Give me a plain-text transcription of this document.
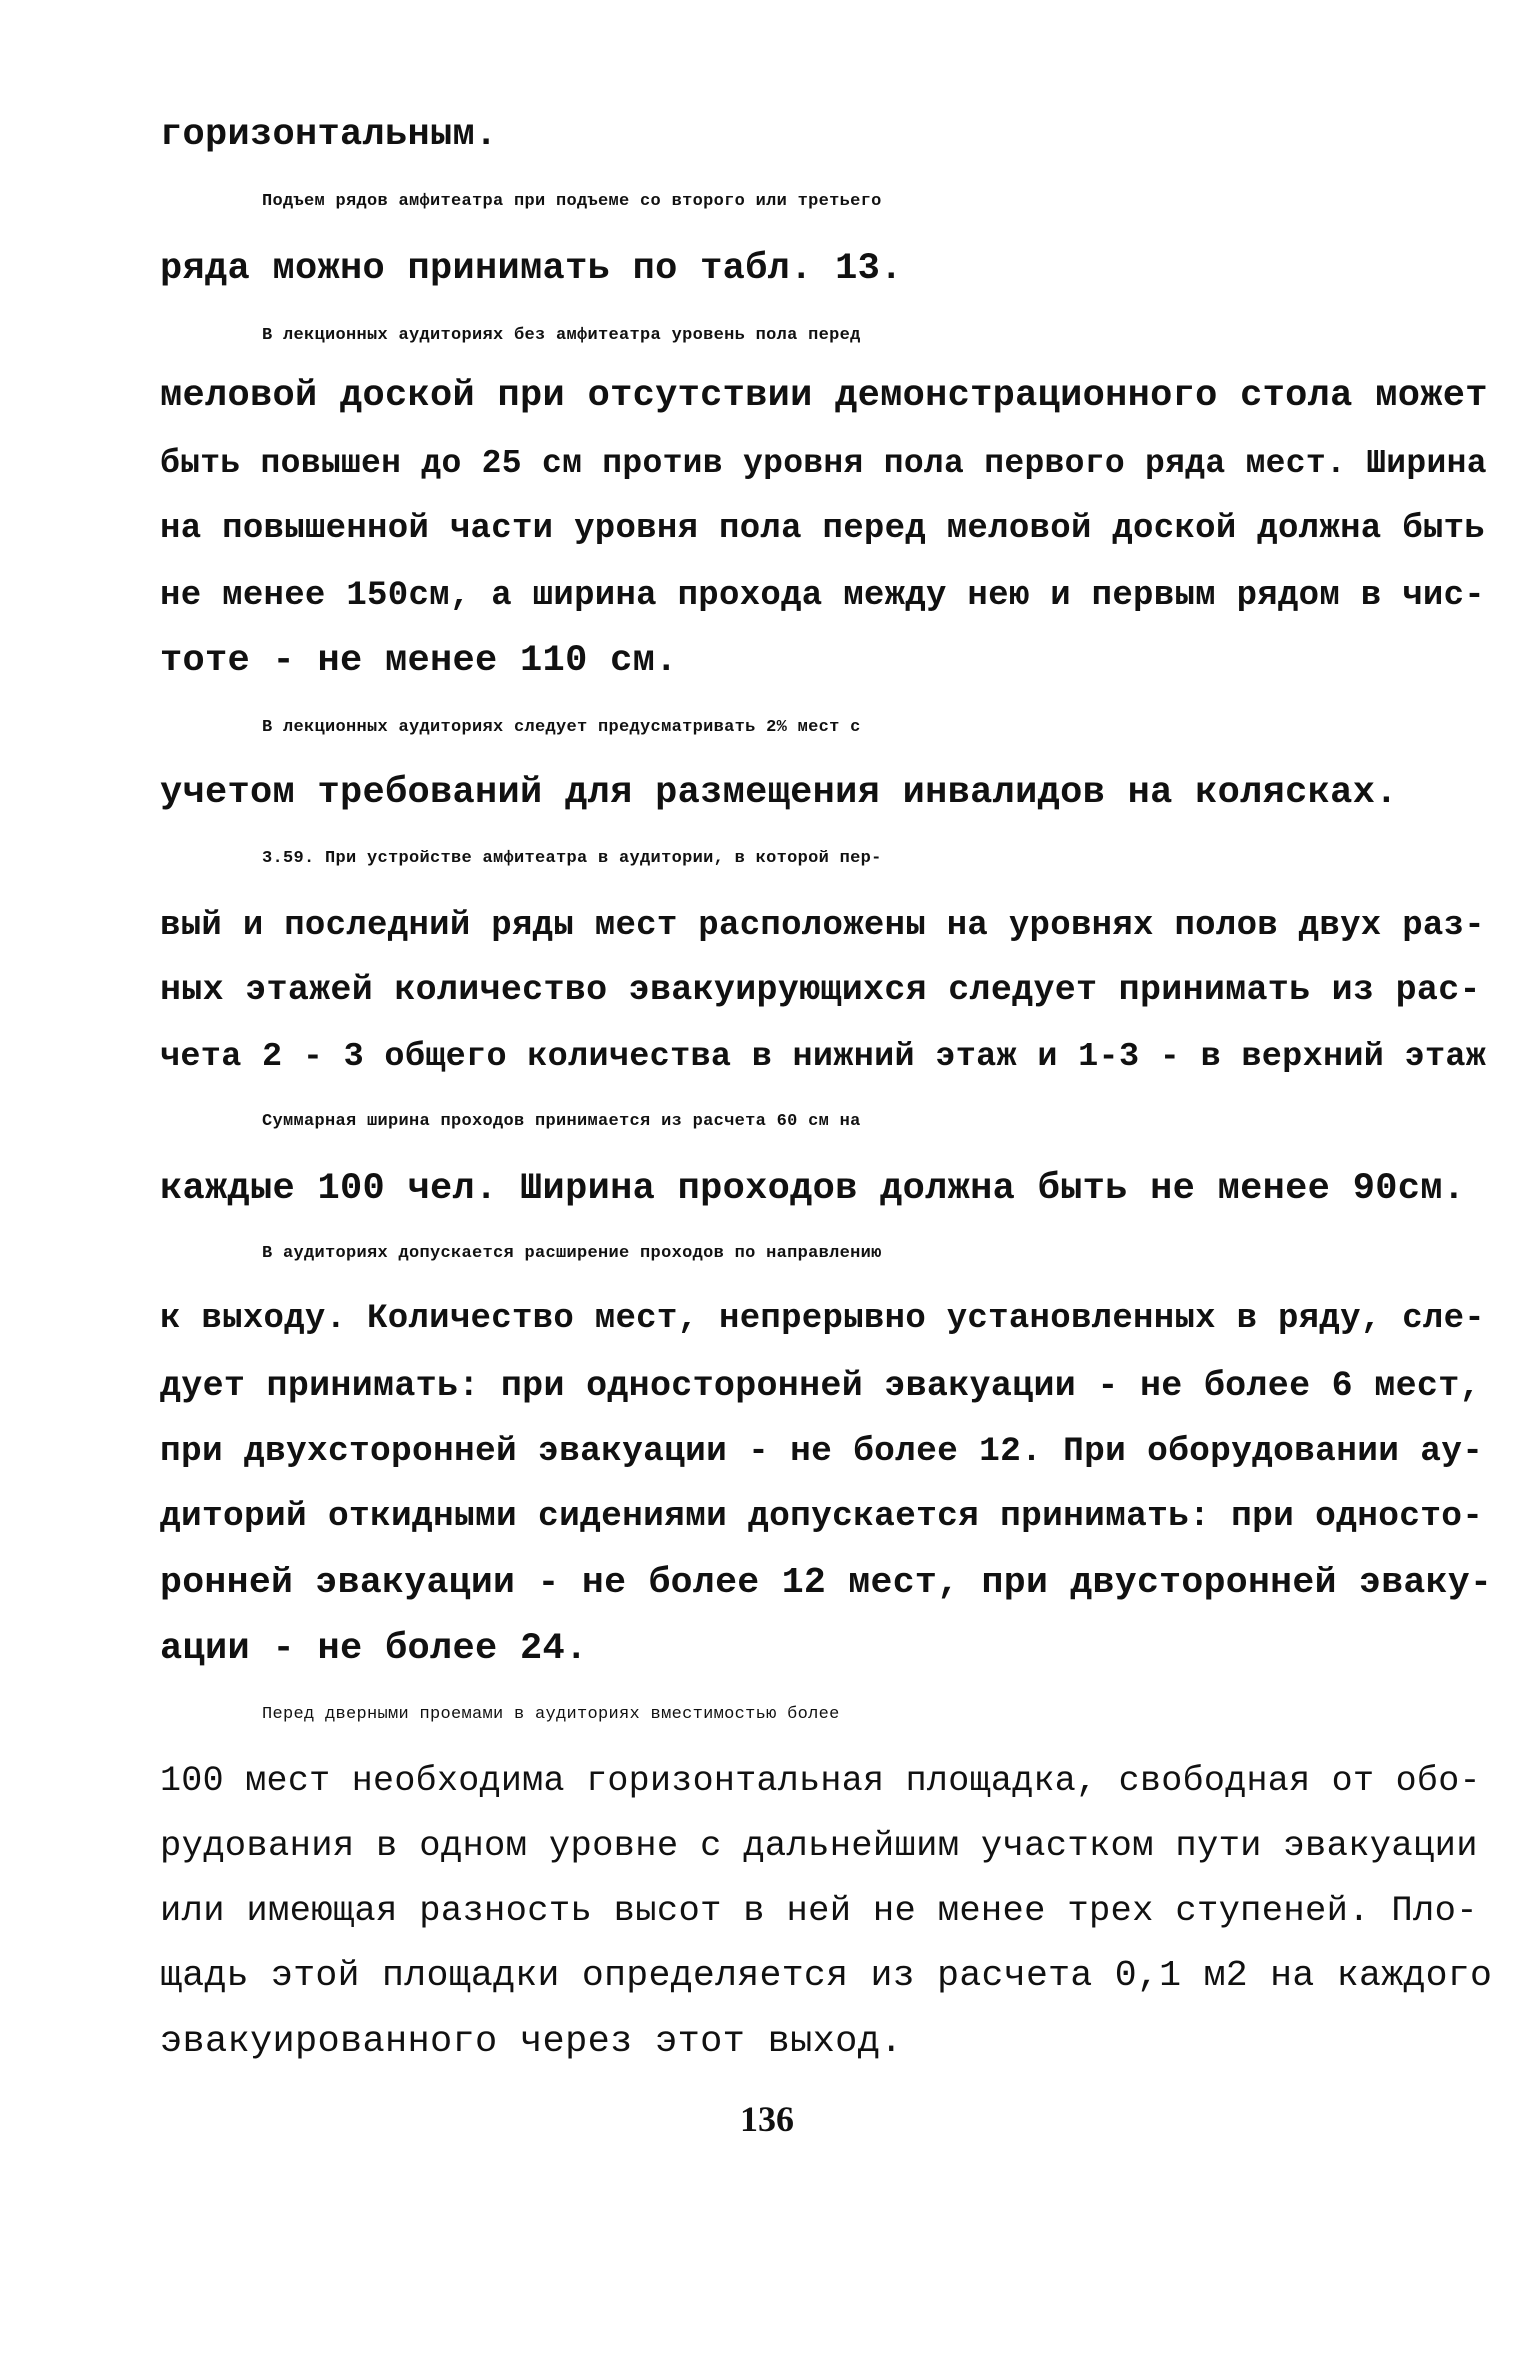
горизонтальным.
Подъем рядов амфитеатра при подъеме со второго или третьего
ряда можно принимать по табл. 13.
В лекционных аудиториях без амфитеатра уровень пола перед
меловой доской при отсутствии демонстрационного стола может
быть повышен до 25 см против уровня пола первого ряда мест. Ширина
на повышенной части уровня пола перед меловой доской должна быть
не менее 150см, а ширина прохода между нею и первым рядом в чис-
тоте - не менее 110 см.
В лекционных аудиториях следует предусматривать 2% мест с
учетом требований для размещения инвалидов на колясках.
3.59. При устройстве амфитеатра в аудитории, в которой пер-
вый и последний ряды мест расположены на уровнях полов двух раз-
ных этажей количество эвакуирующихся следует принимать из рас-
чета 2 - 3 общего количества в нижний этаж и 1-3 - в верхний этаж
Суммарная ширина проходов принимается из расчета 60 см на
каждые 100 чел. Ширина проходов должна быть не менее 90см.
В аудиториях допускается расширение проходов по направлению
к выходу. Количество мест, непрерывно установленных в ряду, сле-
дует принимать: при односторонней эвакуации - не более 6 мест,
при двухсторонней эвакуации - не более 12. При оборудовании ау-
диторий откидными сидениями допускается принимать: при односто-
ронней эвакуации - не более 12 мест, при двусторонней эваку-
ации - не более 24.
Перед дверными проемами в аудиториях вместимостью более
100 мест необходима горизонтальная площадка, свободная от обо-
рудования в одном уровне с дальнейшим участком пути эвакуации
или имеющая разность высот в ней не менее трех ступеней. Пло-
щадь этой площадки определяется из расчета 0,1 м2 на каждого
эвакуированного через этот выход.
136
